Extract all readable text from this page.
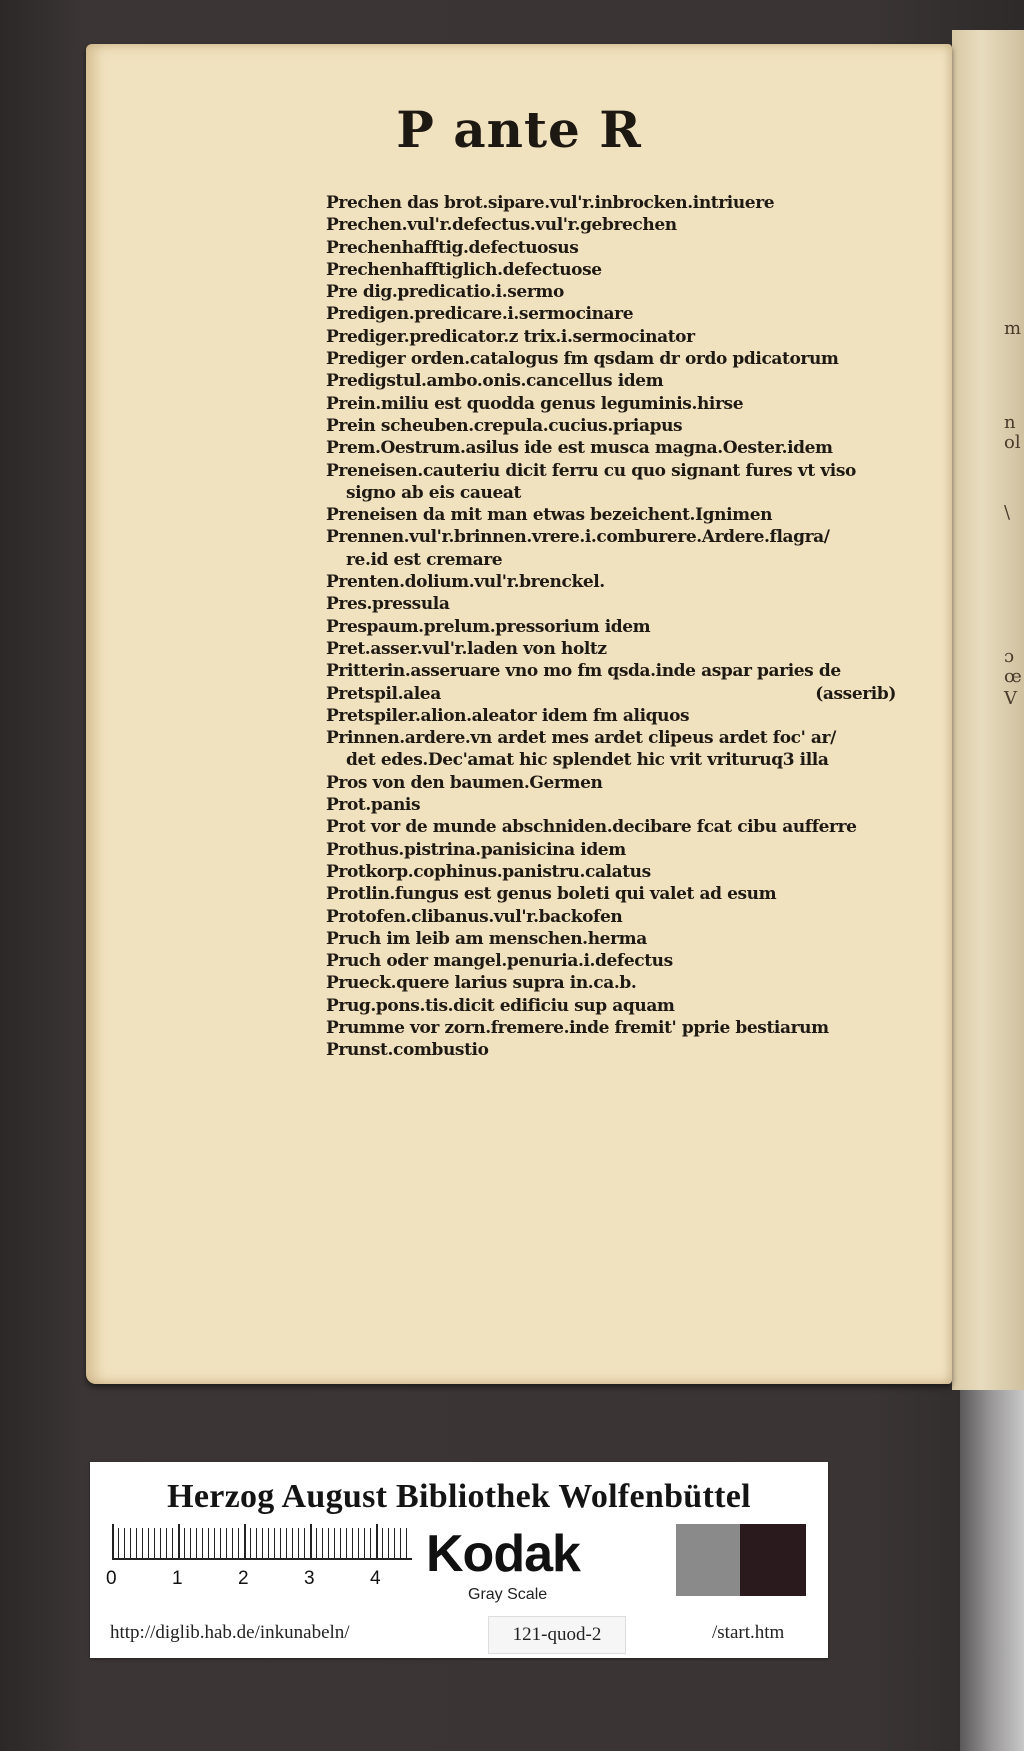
m
n
ol
\
ɔ
œ
V
P ante R
Prechen das brot.sipare.vul'r.inbrocken.intriuere
Prechen.vul'r.defectus.vul'r.gebrechen
Prechenhafftig.defectuosus
Prechenhafftiglich.defectuose
Pre dig.predicatio.i.sermo
Predigen.predicare.i.sermocinare
Prediger.predicator.z trix.i.sermocinator
Prediger orden.catalogus fm qsdam dr ordo pdicatorum
Predigstul.ambo.onis.cancellus idem
Prein.miliu est quodda genus leguminis.hirse
Prein scheuben.crepula.cucius.priapus
Prem.Oestrum.asilus ide est musca magna.Oester.idem
Preneisen.cauteriu dicit ferru cu quo signant fures vt viso
signo ab eis caueat
Preneisen da mit man etwas bezeichent.Ignimen
Prennen.vul'r.brinnen.vrere.i.comburere.Ardere.flagra/
re.id est cremare
Prenten.dolium.vul'r.brenckel.
Pres.pressula
Prespaum.prelum.pressorium idem
Pret.asser.vul'r.laden von holtz
Pritterin.asseruare vno mo fm qsda.inde aspar paries de
Pretspil.alea	(asserib)
Pretspiler.alion.aleator idem fm aliquos
Prinnen.ardere.vn ardet mes ardet clipeus ardet foc' ar/
det edes.Dec'amat hic splendet hic vrit vrituruq3 illa
Pros von den baumen.Germen
Prot.panis
Prot vor de munde abschniden.decibare fcat cibu aufferre
Prothus.pistrina.panisicina idem
Protkorp.cophinus.panistru.calatus
Protlin.fungus est genus boleti qui valet ad esum
Protofen.clibanus.vul'r.backofen
Pruch im leib am menschen.herma
Pruch oder mangel.penuria.i.defectus
Prueck.quere larius supra in.ca.b.
Prug.pons.tis.dicit edificiu sup aquam
Prumme vor zorn.fremere.inde fremit' pprie bestiarum
Prunst.combustio
Herzog August Bibliothek Wolfenbüttel
0	1	2	3	4 Kodak
Gray Scale
http://diglib.hab.de/inkunabeln/	121-quod-2	/start.htm
